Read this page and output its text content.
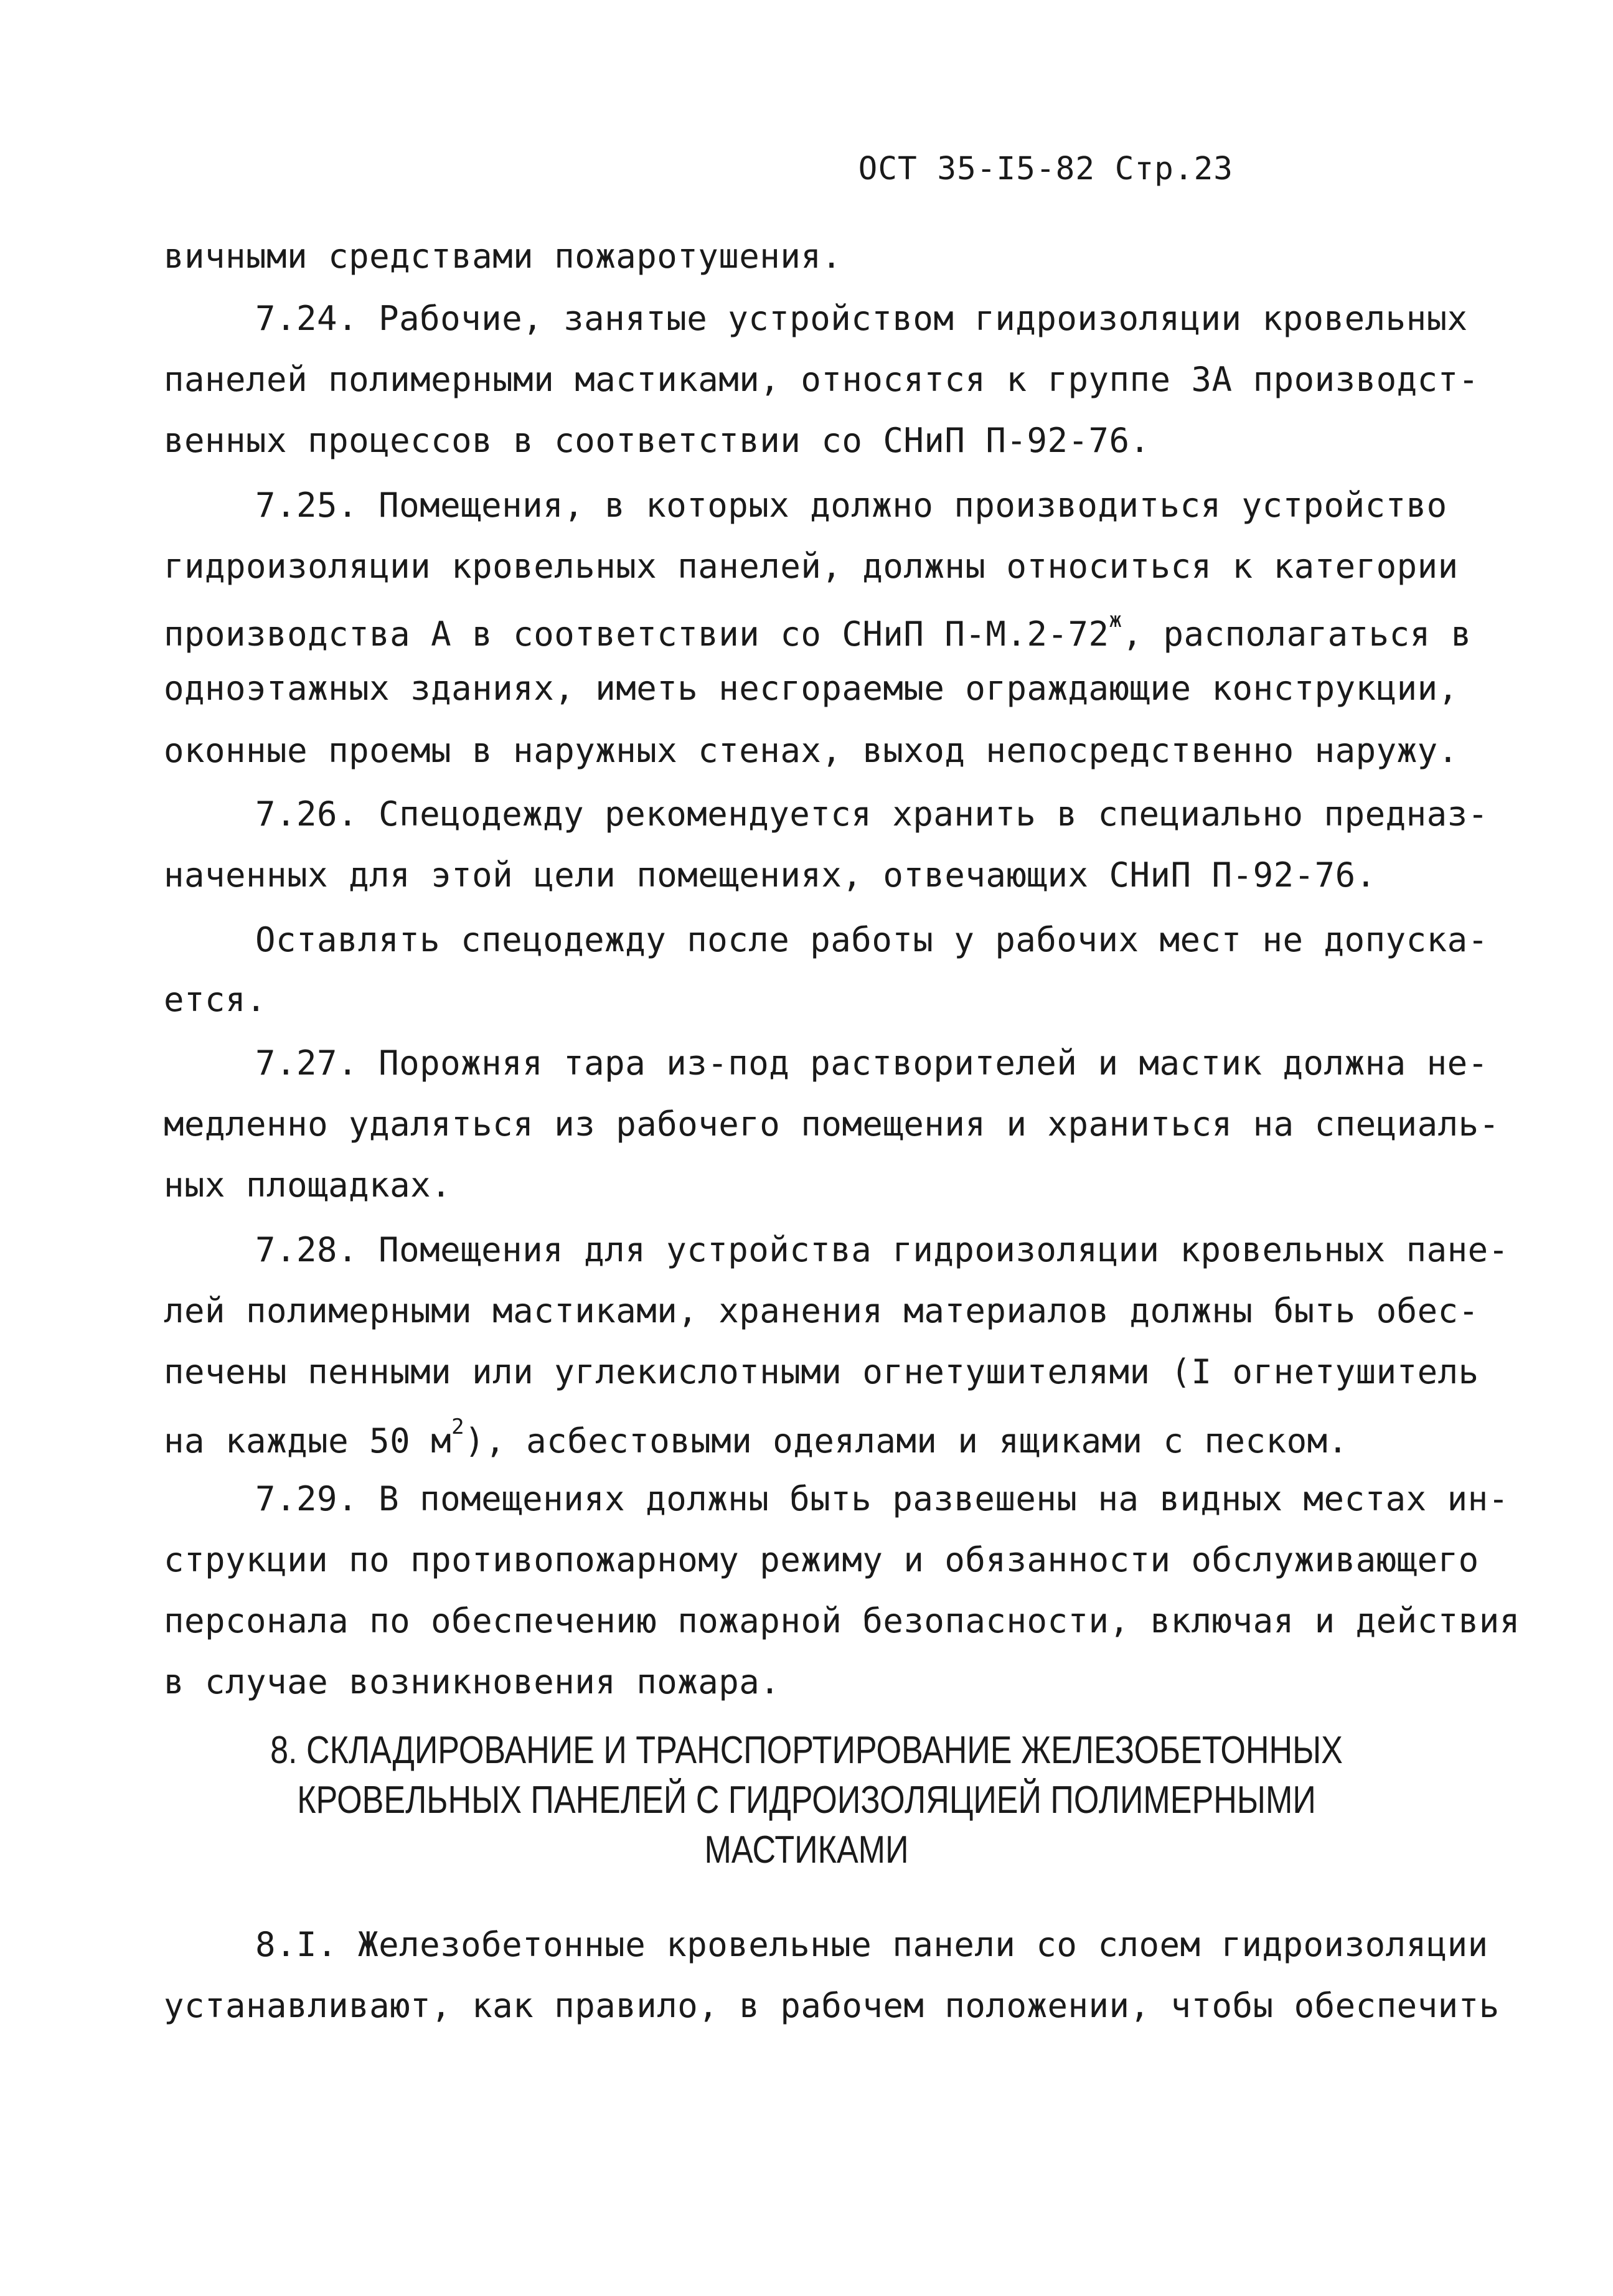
ОСТ 35-I5-82 Стр.23
вичными средствами пожаротушения.
7.24. Рабочие, занятые устройством гидроизоляции кровельных
панелей полимерными мастиками, относятся к группе 3А производст-
венных процессов в соответствии со СНиП П-92-76.
7.25. Помещения, в которых должно производиться устройство
гидроизоляции кровельных панелей, должны относиться к категории
производства А в соответствии со СНиП $П-М.2-72^ж$, располагаться в
одноэтажных зданиях, иметь несгораемые ограждающие конструкции,
оконные проемы в наружных стенах, выход непосредственно наружу.
7.26. Спецодежду рекомендуется хранить в специально предназ-
наченных для этой цели помещениях, отвечающих СНиП П-92-76.
Оставлять спецодежду после работы у рабочих мест не допуска-
ется.
7.27. Порожняя тара из-под растворителей и мастик должна не-
медленно удаляться из рабочего помещения и храниться на специаль-
ных площадках.
7.28. Помещения для устройства гидроизоляции кровельных пане-
лей полимерными мастиками, хранения материалов должны быть обес-
печены пенными или углекислотными огнетушителями (I огнетушитель
на каждые 50 $м^2$), асбестовыми одеялами и ящиками с песком.
7.29. В помещениях должны быть развешены на видных местах ин-
струкции по противопожарному режиму и обязанности обслуживающего
персонала по обеспечению пожарной безопасности, включая и действия
в случае возникновения пожара.
8. СКЛАДИРОВАНИЕ И ТРАНСПОРТИРОВАНИЕ ЖЕЛЕЗОБЕТОННЫХ
КРОВЕЛЬНЫХ ПАНЕЛЕЙ С ГИДРОИЗОЛЯЦИЕЙ ПОЛИМЕРНЫМИ
МАСТИКАМИ
8.I. Железобетонные кровельные панели со слоем гидроизоляции
устанавливают, как правило, в рабочем положении, чтобы обеспечить
